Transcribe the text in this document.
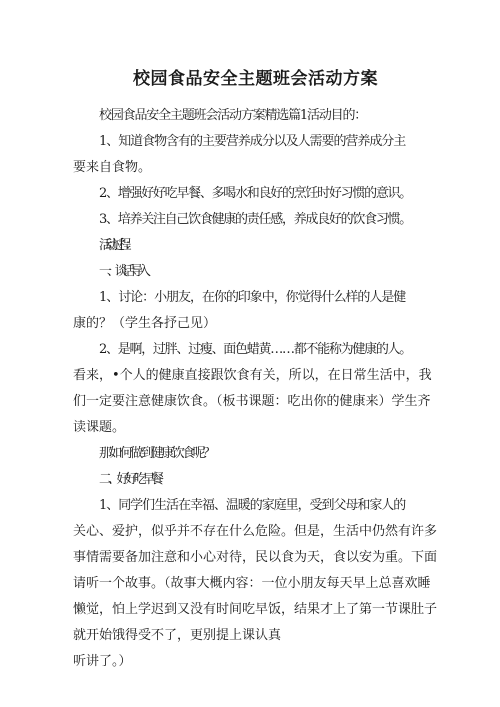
校园食品安全主题班会活动方案
校园食品安全主题班会活动方案精选篇1活动目的：
1、知道食物含有的主要营养成分以及人需要的营养成分主
要来自食物。
2、增强好好吃早餐、多喝水和良好的烹饪时好习惯的意识。
3、培养关注自己饮食健康的责任感，养成良好的饮食习惯。
活动过程：
一、谈话导入
1、讨论：小朋友，在你的印象中，你觉得什么样的人是健
康的？（学生各抒己见）
2、是啊，过胖、过瘦、面色蜡黄……都不能称为健康的人。
看来，•个人的健康直接跟饮食有关，所以，在日常生活中，我
们一定要注意健康饮食。（板书课题：吃出你的健康来）学生齐
读课题。
那如何做到健康饮食呢？
二、好好吃早餐
1、同学们生活在幸福、温暖的家庭里，受到父母和家人的
关心、爱护，似乎并不存在什么危险。但是，生活中仍然有许多
事情需要备加注意和小心对待，民以食为天，食以安为重。下面
请听一个故事。（故事大概内容：一位小朋友每天早上总喜欢睡
懒觉，怕上学迟到又没有时间吃早饭，结果才上了第一节课肚子
就开始饿得受不了，更别提上课认真
听讲了。）
